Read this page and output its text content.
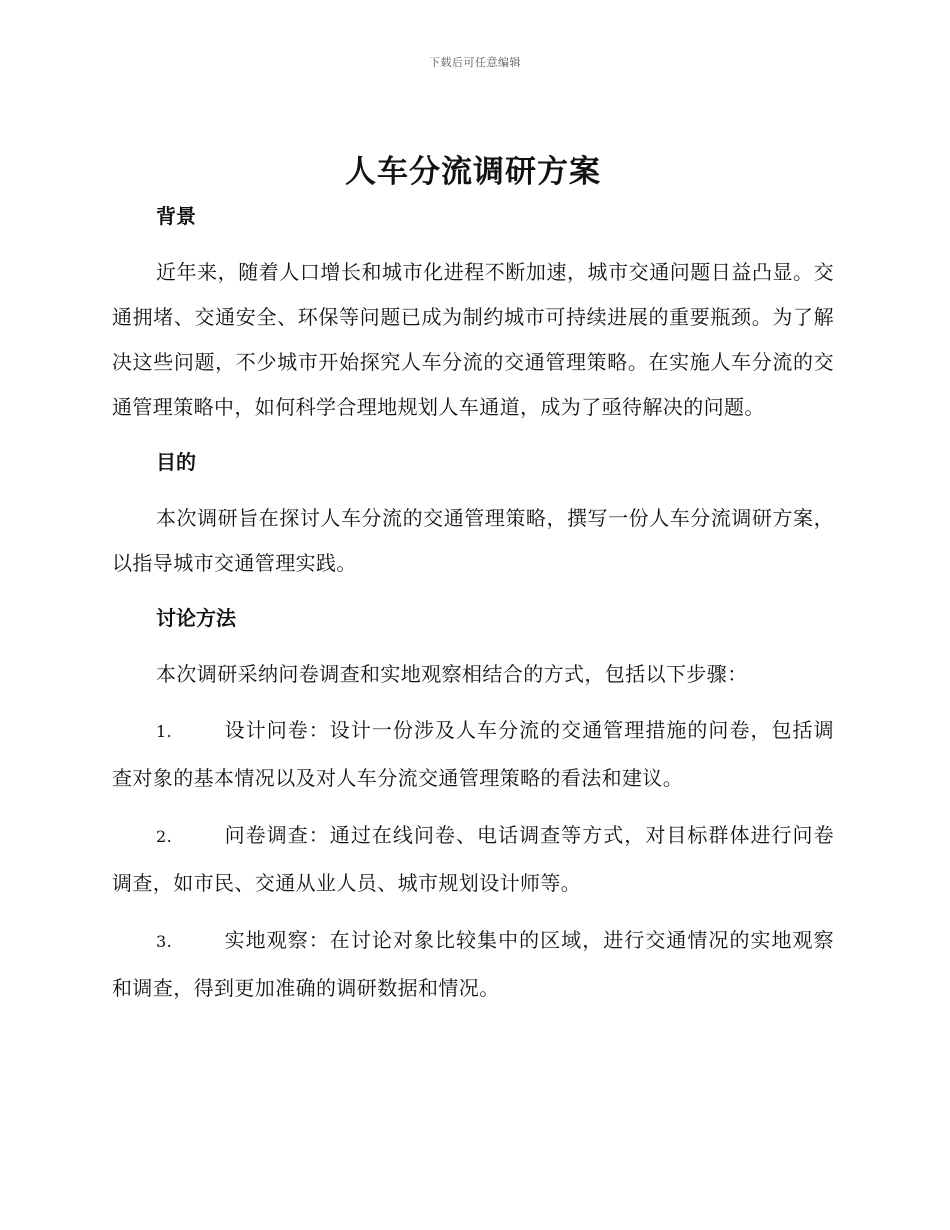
下载后可任意编辑
人车分流调研方案
背景

近年来，随着人口增长和城市化进程不断加速，城市交通问题日益凸显。交通拥堵、交通安全、环保等问题已成为制约城市可持续进展的重要瓶颈。为了解决这些问题，不少城市开始探究人车分流的交通管理策略。在实施人车分流的交通管理策略中，如何科学合理地规划人车通道，成为了亟待解决的问题。

目的

本次调研旨在探讨人车分流的交通管理策略，撰写一份人车分流调研方案，以指导城市交通管理实践。

讨论方法

本次调研采纳问卷调查和实地观察相结合的方式，包括以下步骤：

1.	设计问卷：设计一份涉及人车分流的交通管理措施的问卷，包括调查对象的基本情况以及对人车分流交通管理策略的看法和建议。

2.	问卷调查：通过在线问卷、电话调查等方式，对目标群体进行问卷调查，如市民、交通从业人员、城市规划设计师等。

3.	实地观察：在讨论对象比较集中的区域，进行交通情况的实地观察和调查，得到更加准确的调研数据和情况。
